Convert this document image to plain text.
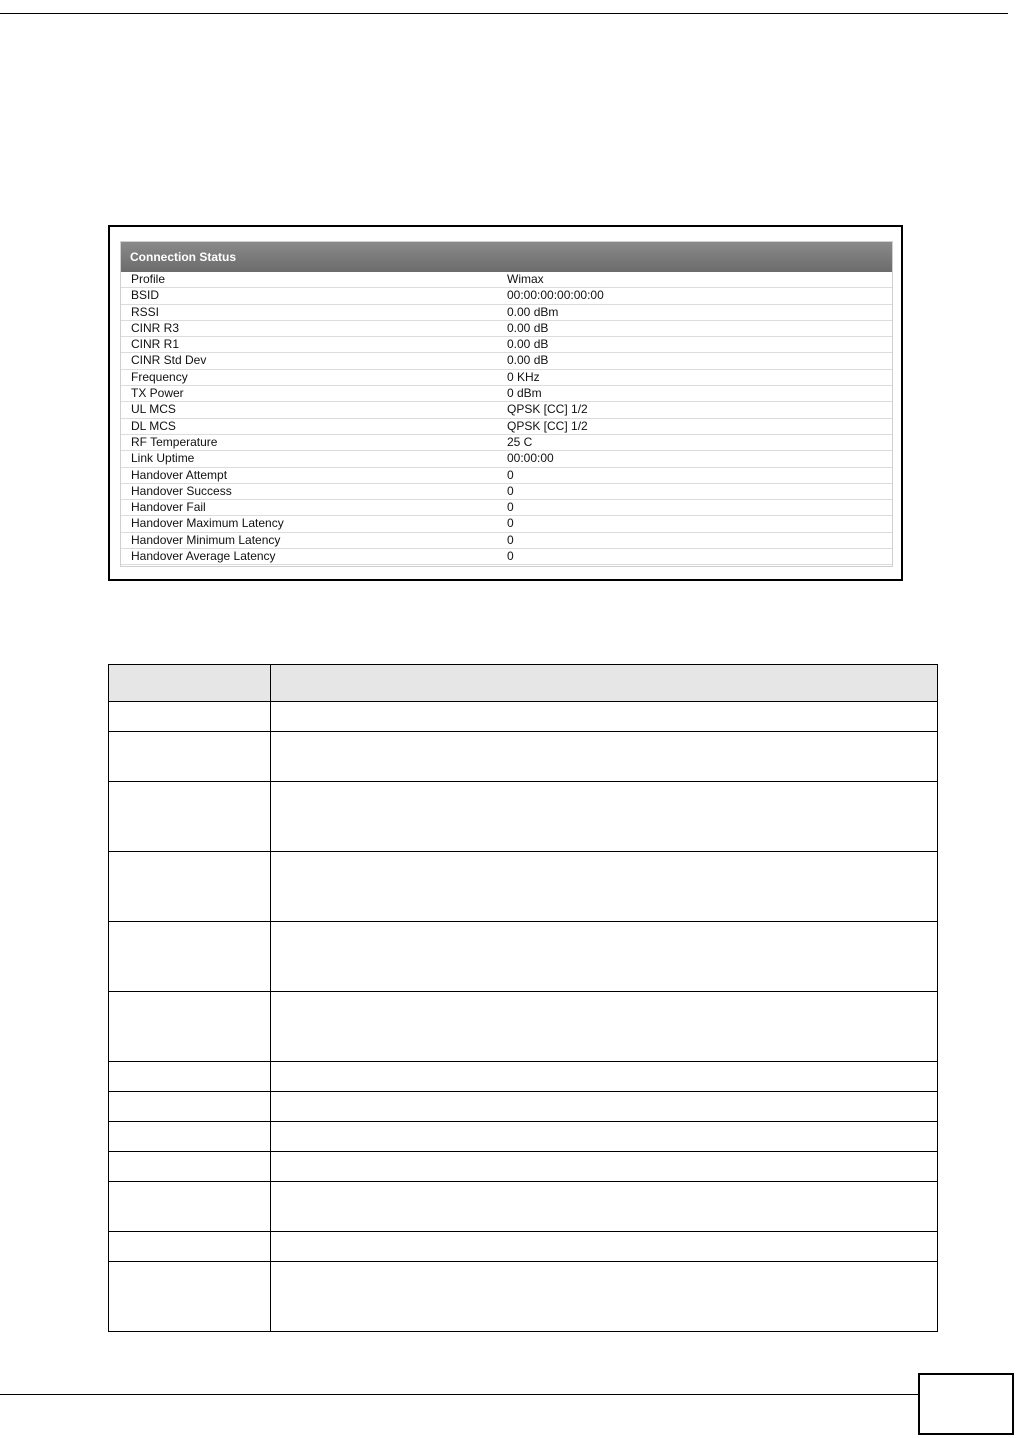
Connection Status
Profile	Wimax
BSID	00:00:00:00:00:00
RSSI	0.00 dBm
CINR R3	0.00 dB
CINR R1	0.00 dB
CINR Std Dev	0.00 dB
Frequency	0 KHz
TX Power	0 dBm
UL MCS	QPSK [CC] 1/2
DL MCS	QPSK [CC] 1/2
RF Temperature	25 C
Link Uptime	00:00:00
Handover Attempt	0
Handover Success	0
Handover Fail	0
Handover Maximum Latency	0
Handover Minimum Latency	0
Handover Average Latency	0
